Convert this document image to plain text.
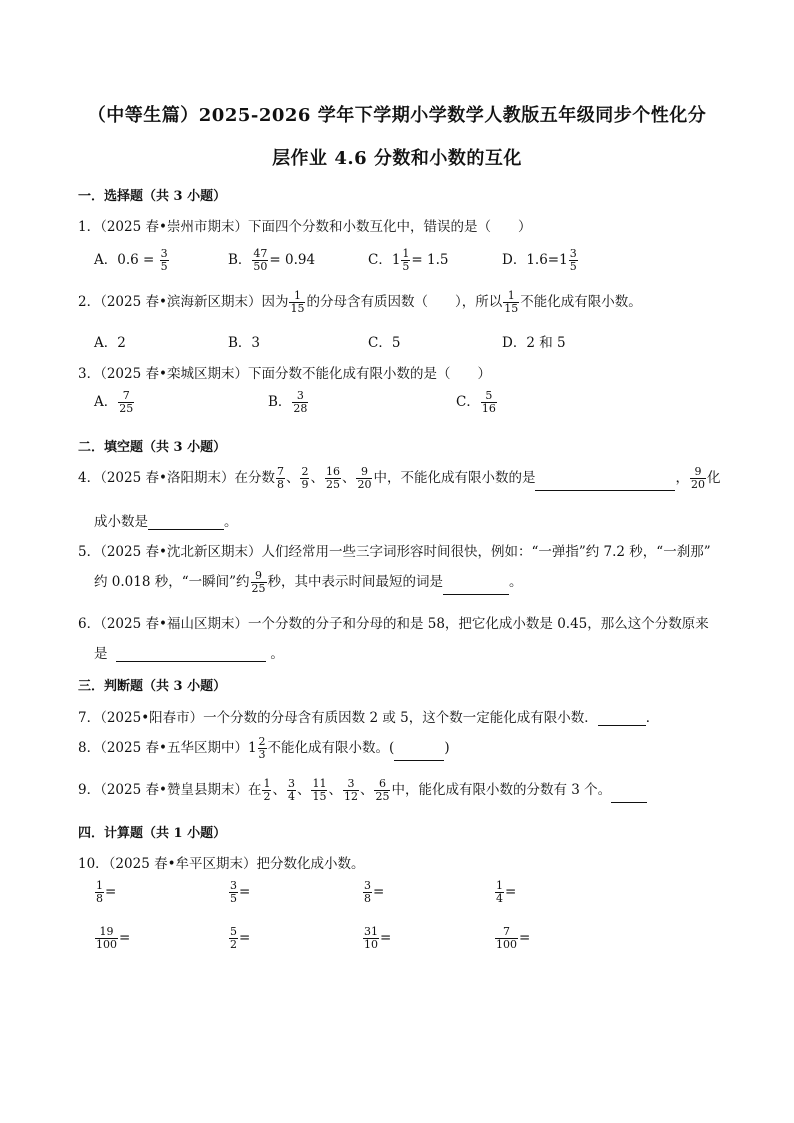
（中等生篇）2025-2026 学年下学期小学数学人教版五年级同步个性化分
层作业 4.6 分数和小数的互化
一．选择题（共 3 小题）
1．（2025 春•崇州市期末）下面四个分数和小数互化中，错误的是（　　）
A．$0.6 = \frac{3}{5}$	B． $\frac{47}{50} = 0.94$	C．$1 \frac{1}{5} = 1.5$	D．$1.6=1 \frac{3}{5}$
2．（2025 春•滨海新区期末）因为 $\frac{1}{15}$ 的分母含有质因数（　　），所以 $\frac{1}{15}$ 不能化成有限小数。
A．2	B．3	C．5	D．2 和 5
3．（2025 春•栾城区期末）下面分数不能化成有限小数的是（　　）
A． $\frac{7}{25}$	B． $\frac{3}{28}$	C． $\frac{5}{16}$
二．填空题（共 3 小题）
4．（2025 春•洛阳期末）在分数 $\frac{7}{8}$ 、 $\frac{2}{9}$ 、 $\frac{16}{25}$ 、 $\frac{9}{20}$ 中，不能化成有限小数的是	， $\frac{9}{20}$ 化
成小数是	。
5．（2025 春•沈北新区期末）人们经常用一些三字词形容时间很快，例如：“一弹指”约 7.2 秒，“一刹那”
约 0.018 秒，“一瞬间”约 $\frac{9}{25}$ 秒，其中表示时间最短的词是	。
6．（2025 春•福山区期末）一个分数的分子和分母的和是 58，把它化成小数是 0.45，那么这个分数原来
是	。
三．判断题（共 3 小题）
7．（2025•阳春市）一个分数的分母含有质因数 2 或 5，这个数一定能化成有限小数．	．
8．（2025 春•五华区期中）$1 \frac{2}{3}$ 不能化成有限小数。(	)
9．（2025 春•赞皇县期末）在 $\frac{1}{2}$ 、 $\frac{3}{4}$ 、 $\frac{11}{15}$ 、 $\frac{3}{12}$ 、 $\frac{6}{25}$ 中，能化成有限小数的分数有 3 个。
四．计算题（共 1 小题）
10．（2025 春•牟平区期末）把分数化成小数。
$\frac{1}{8}$ =	$\frac{3}{5}$ =	$\frac{3}{8}$ =	$\frac{1}{4}$ =
$\frac{19}{100}$ =	$\frac{5}{2}$ =	$\frac{31}{10}$ =	$\frac{7}{100}$ =
